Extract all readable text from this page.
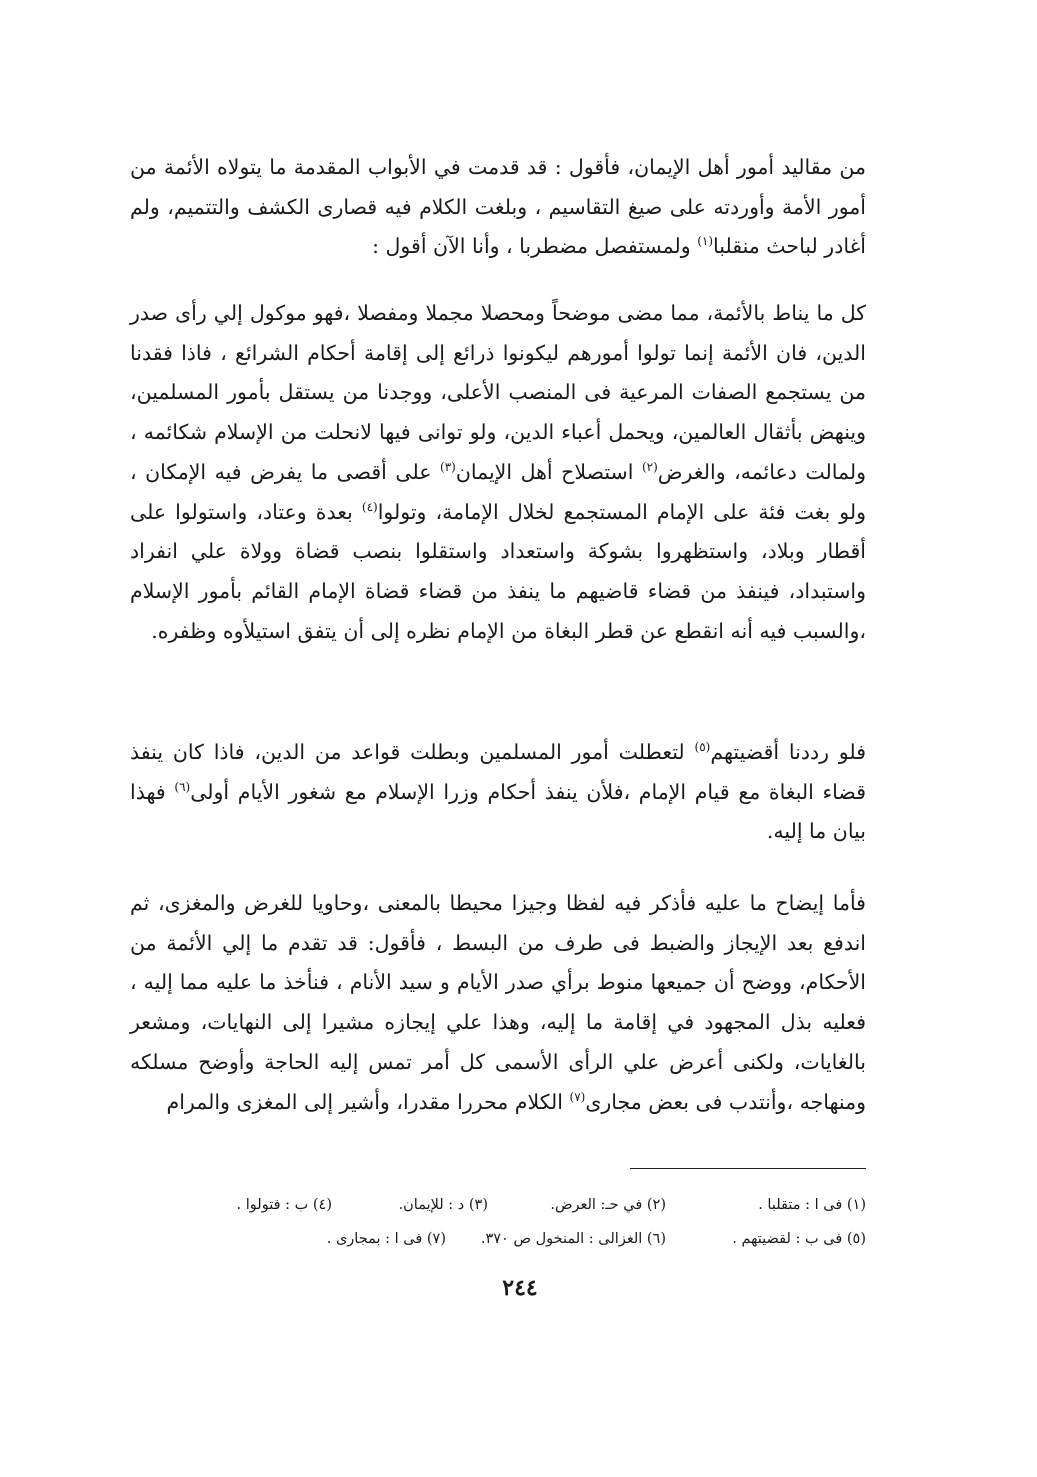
من مقاليد أمور أهل الإيمان، فأقول : قد قدمت في الأبواب المقدمة ما يتولاه الأئمة من أمور الأمة وأوردته على صيغ التقاسيم ، وبلغت الكلام فيه قصارى الكشف والتتميم، ولم أغادر لباحث منقلبا$^{(١)}$ ولمستفصل مضطربا ، وأنا الآن أقول :

كل ما يناط بالأئمة، مما مضى موضحاً ومحصلا مجملا ومفصلا ،فهو موكول إلي رأى صدر الدين، فان الأئمة إنما تولوا أمورهم ليكونوا ذرائع إلى إقامة أحكام الشرائع ، فاذا فقدنا من يستجمع الصفات المرعية فى المنصب الأعلى، ووجدنا من يستقل بأمور المسلمين، وينهض بأثقال العالمين، ويحمل أعباء الدين، ولو توانى فيها لانحلت من الإسلام شكائمه ، ولمالت دعائمه، والغرض$^{(٢)}$ استصلاح أهل الإيمان$^{(٣)}$ على أقصى ما يفرض فيه الإمكان ، ولو بغت فئة على الإمام المستجمع لخلال الإمامة، وتولوا$^{(٤)}$ بعدة وعتاد، واستولوا على أقطار وبلاد، واستظهروا بشوكة واستعداد واستقلوا بنصب قضاة وولاة علي انفراد واستبداد، فينفذ من قضاء قاضيهم ما ينفذ من قضاء قضاة الإمام القائم بأمور الإسلام ،والسبب فيه أنه انقطع عن قطر البغاة من الإمام نظره إلى أن يتفق استيلأوه وظفره.

فلو رددنا أقضيتهم$^{(٥)}$ لتعطلت أمور المسلمين وبطلت قواعد من الدين، فاذا كان ينفذ قضاء البغاة مع قيام الإمام ،فلأن ينفذ أحكام وزرا الإسلام مع شغور الأيام أولى$^{(٦)}$ فهذا بيان ما إليه.

فأما إيضاح ما عليه فأذكر فيه لفظا وجيزا محيطا بالمعنى ،وحاويا للغرض والمغزى، ثم اندفع بعد الإيجاز والضبط فى طرف من البسط ، فأقول: قد تقدم ما إلي الأئمة من الأحكام، ووضح أن جميعها منوط برأي صدر الأيام و سيد الأنام ، فنأخذ ما عليه مما إليه ، فعليه بذل المجهود في إقامة ما إليه، وهذا علي إيجازه مشيرا إلى النهايات، ومشعر بالغايات، ولكنى أعرض علي الرأى الأسمى كل أمر تمس إليه الحاجة وأوضح مسلكه ومنهاجه ،وأنتدب فى بعض مجارى$^{(٧)}$ الكلام محررا مقدرا، وأشير إلى المغزى والمرام

(١) فى ا : متقلبا .
(٢) في حـ: العرض.
(٣) د : للإيمان.
(٤) ب : فتولوا .
(٥) فى ب : لقضيتهم .
(٦) الغزالى : المنخول ص ٣٧٠.
(٧) فى ا : بمجارى .
٢٤٤
